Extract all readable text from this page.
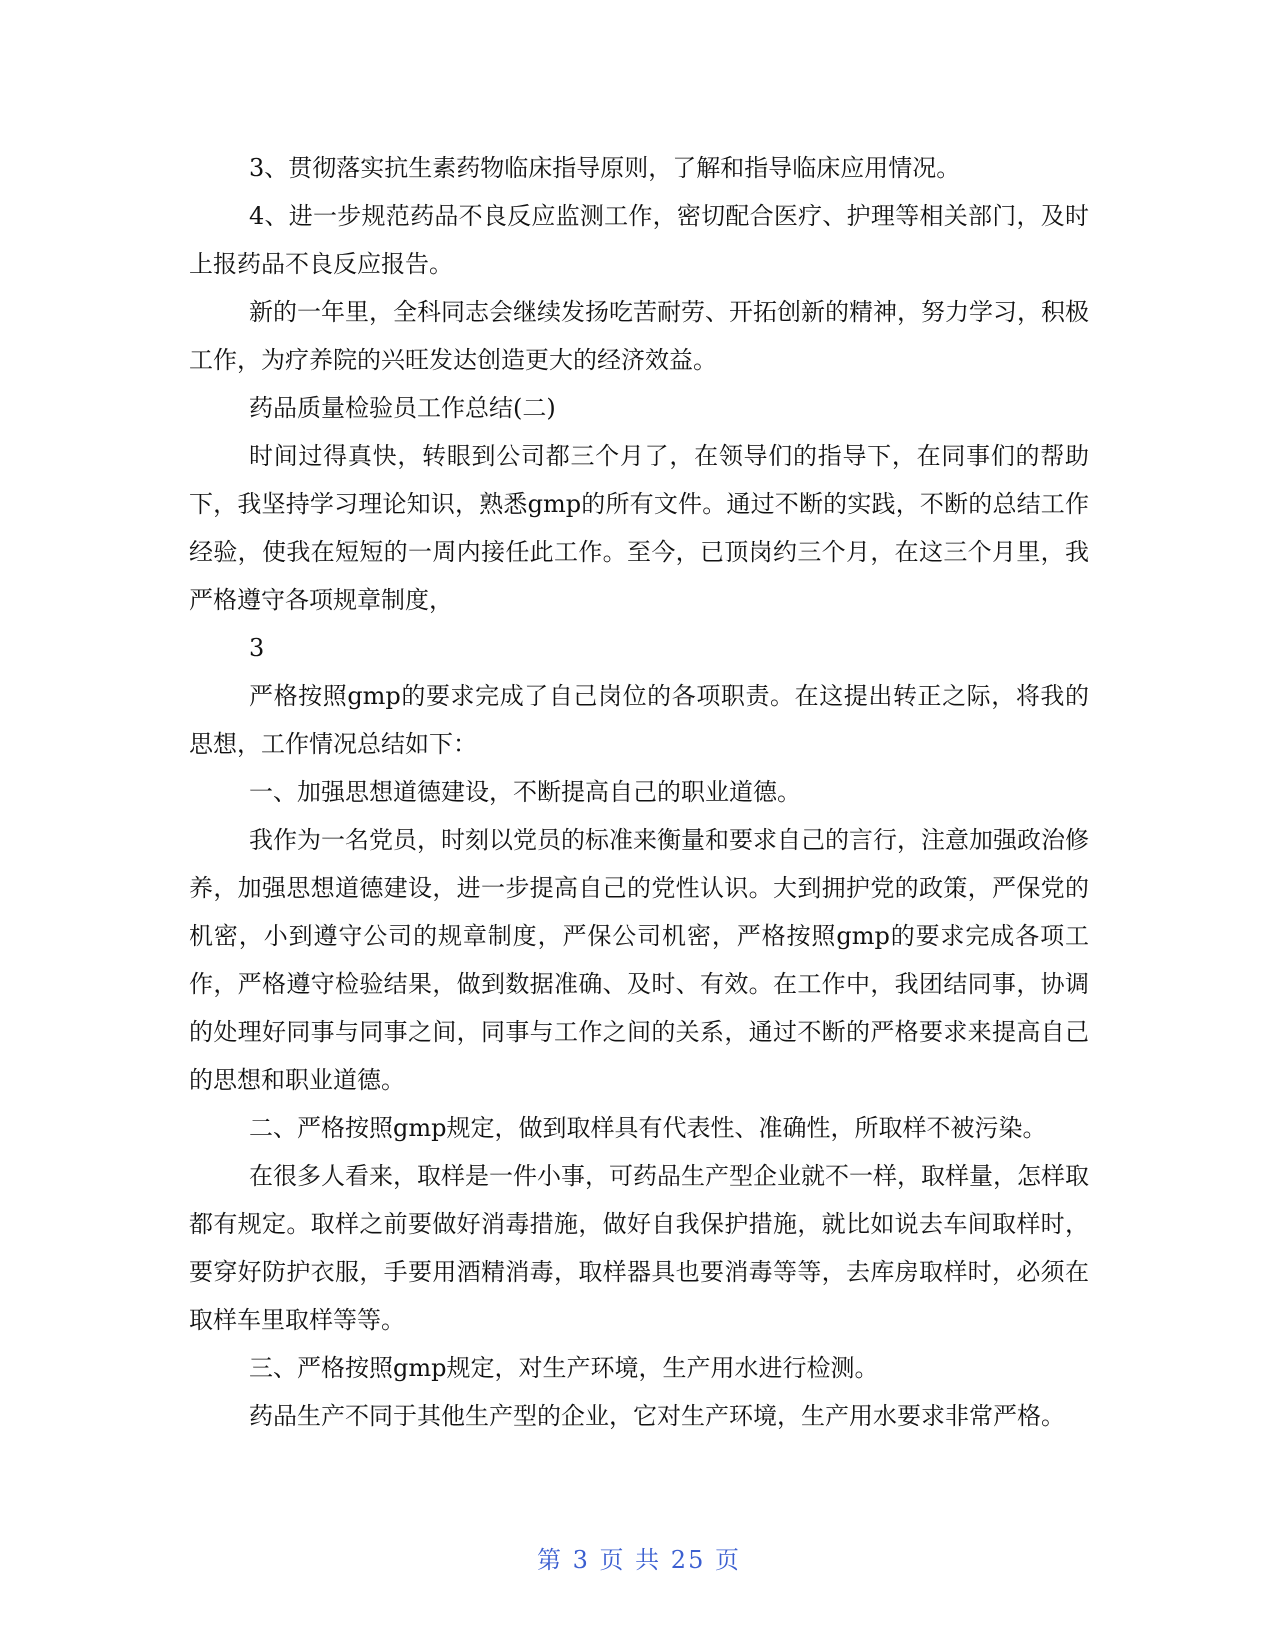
3、贯彻落实抗生素药物临床指导原则，了解和指导临床应用情况。

4、进一步规范药品不良反应监测工作，密切配合医疗、护理等相关部门，及时上报药品不良反应报告。

新的一年里，全科同志会继续发扬吃苦耐劳、开拓创新的精神，努力学习，积极工作，为疗养院的兴旺发达创造更大的经济效益。

药品质量检验员工作总结(二)

时间过得真快，转眼到公司都三个月了，在领导们的指导下，在同事们的帮助下，我坚持学习理论知识，熟悉gmp的所有文件。通过不断的实践，不断的总结工作经验，使我在短短的一周内接任此工作。至今，已顶岗约三个月，在这三个月里，我严格遵守各项规章制度，

3

严格按照gmp的要求完成了自己岗位的各项职责。在这提出转正之际，将我的思想，工作情况总结如下：

一、加强思想道德建设，不断提高自己的职业道德。

我作为一名党员，时刻以党员的标准来衡量和要求自己的言行，注意加强政治修养，加强思想道德建设，进一步提高自己的党性认识。大到拥护党的政策，严保党的机密，小到遵守公司的规章制度，严保公司机密，严格按照gmp的要求完成各项工作，严格遵守检验结果，做到数据准确、及时、有效。在工作中，我团结同事，协调的处理好同事与同事之间，同事与工作之间的关系，通过不断的严格要求来提高自己的思想和职业道德。

二、严格按照gmp规定，做到取样具有代表性、准确性，所取样不被污染。

在很多人看来，取样是一件小事，可药品生产型企业就不一样，取样量，怎样取都有规定。取样之前要做好消毒措施，做好自我保护措施，就比如说去车间取样时，要穿好防护衣服，手要用酒精消毒，取样器具也要消毒等等，去库房取样时，必须在取样车里取样等等。

三、严格按照gmp规定，对生产环境，生产用水进行检测。

药品生产不同于其他生产型的企业，它对生产环境，生产用水要求非常严格。

第 3 页 共 25 页
